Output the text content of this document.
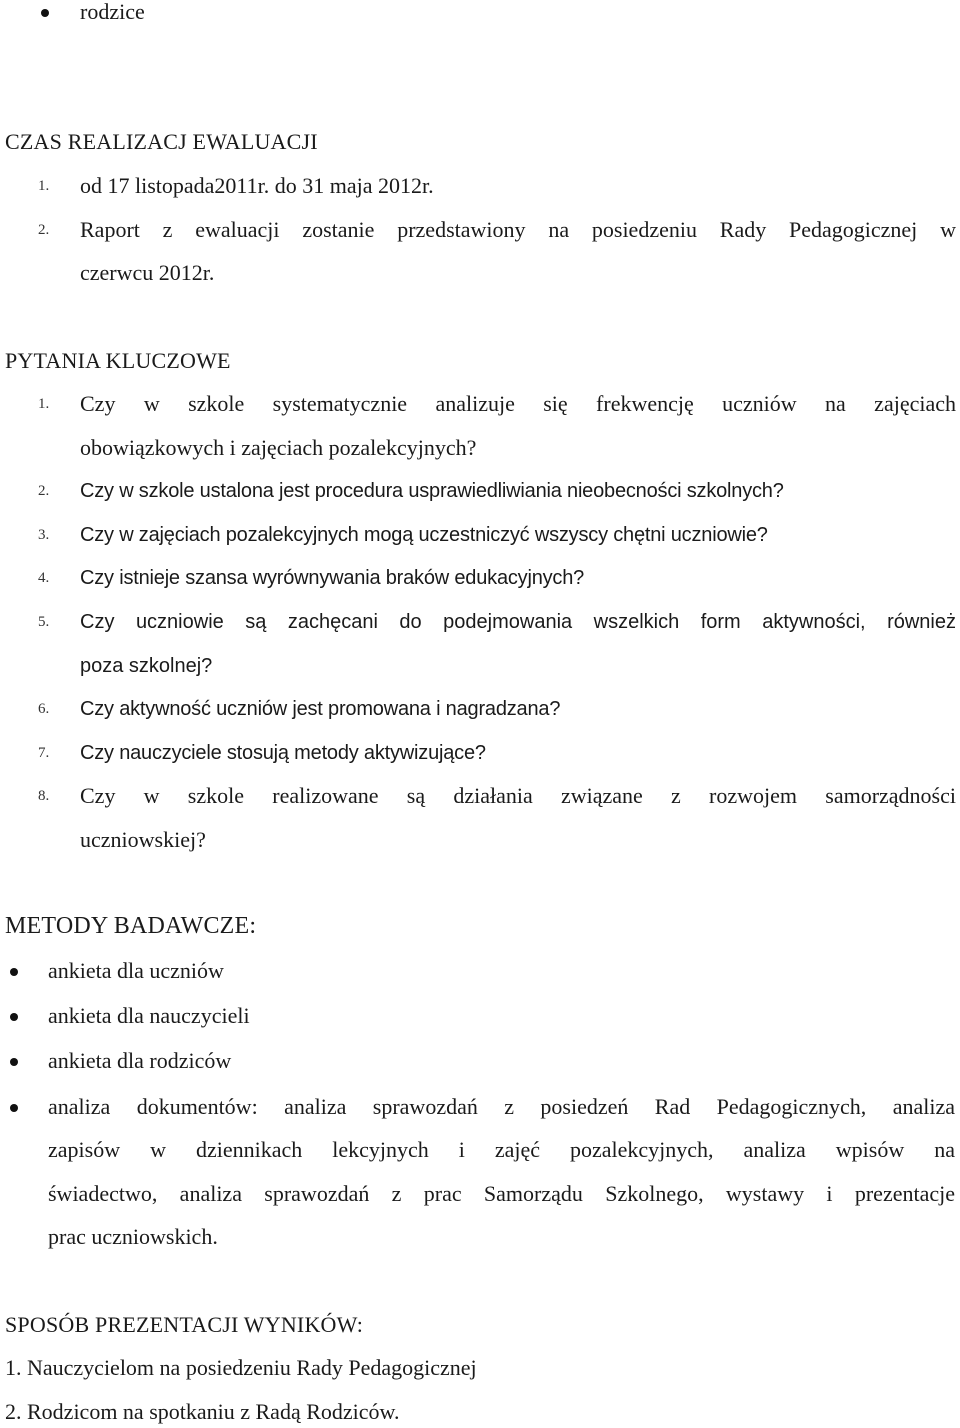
rodzice
CZAS REALIZACJ EWALUACJI
1. od 17 listopada2011r. do 31 maja 2012r.
2. Raport z ewaluacji zostanie przedstawiony na posiedzeniu Rady Pedagogicznej w
czerwcu 2012r.
PYTANIA KLUCZOWE
1. Czy w szkole systematycznie analizuje się frekwencję uczniów na zajęciach
obowiązkowych i zajęciach pozalekcyjnych?
2. Czy w szkole ustalona jest procedura usprawiedliwiania nieobecności szkolnych?
3. Czy w zajęciach pozalekcyjnych mogą uczestniczyć wszyscy chętni uczniowie?
4. Czy istnieje szansa wyrównywania braków edukacyjnych?
5. Czy uczniowie są zachęcani do podejmowania wszelkich form aktywności, również
poza szkolnej?
6. Czy aktywność uczniów jest promowana i nagradzana?
7. Czy nauczyciele stosują metody aktywizujące?
8. Czy w szkole realizowane są działania związane z rozwojem samorządności
uczniowskiej?
METODY BADAWCZE:
ankieta dla uczniów
ankieta dla nauczycieli
ankieta dla rodziców
analiza dokumentów: analiza sprawozdań z posiedzeń Rad Pedagogicznych, analiza
zapisów w dziennikach lekcyjnych i zajęć pozalekcyjnych, analiza wpisów na
świadectwo, analiza sprawozdań z prac Samorządu Szkolnego, wystawy i prezentacje
prac uczniowskich.
SPOSÓB PREZENTACJI WYNIKÓW:
1. Nauczycielom na posiedzeniu Rady Pedagogicznej
2. Rodzicom na spotkaniu z Radą Rodziców.
